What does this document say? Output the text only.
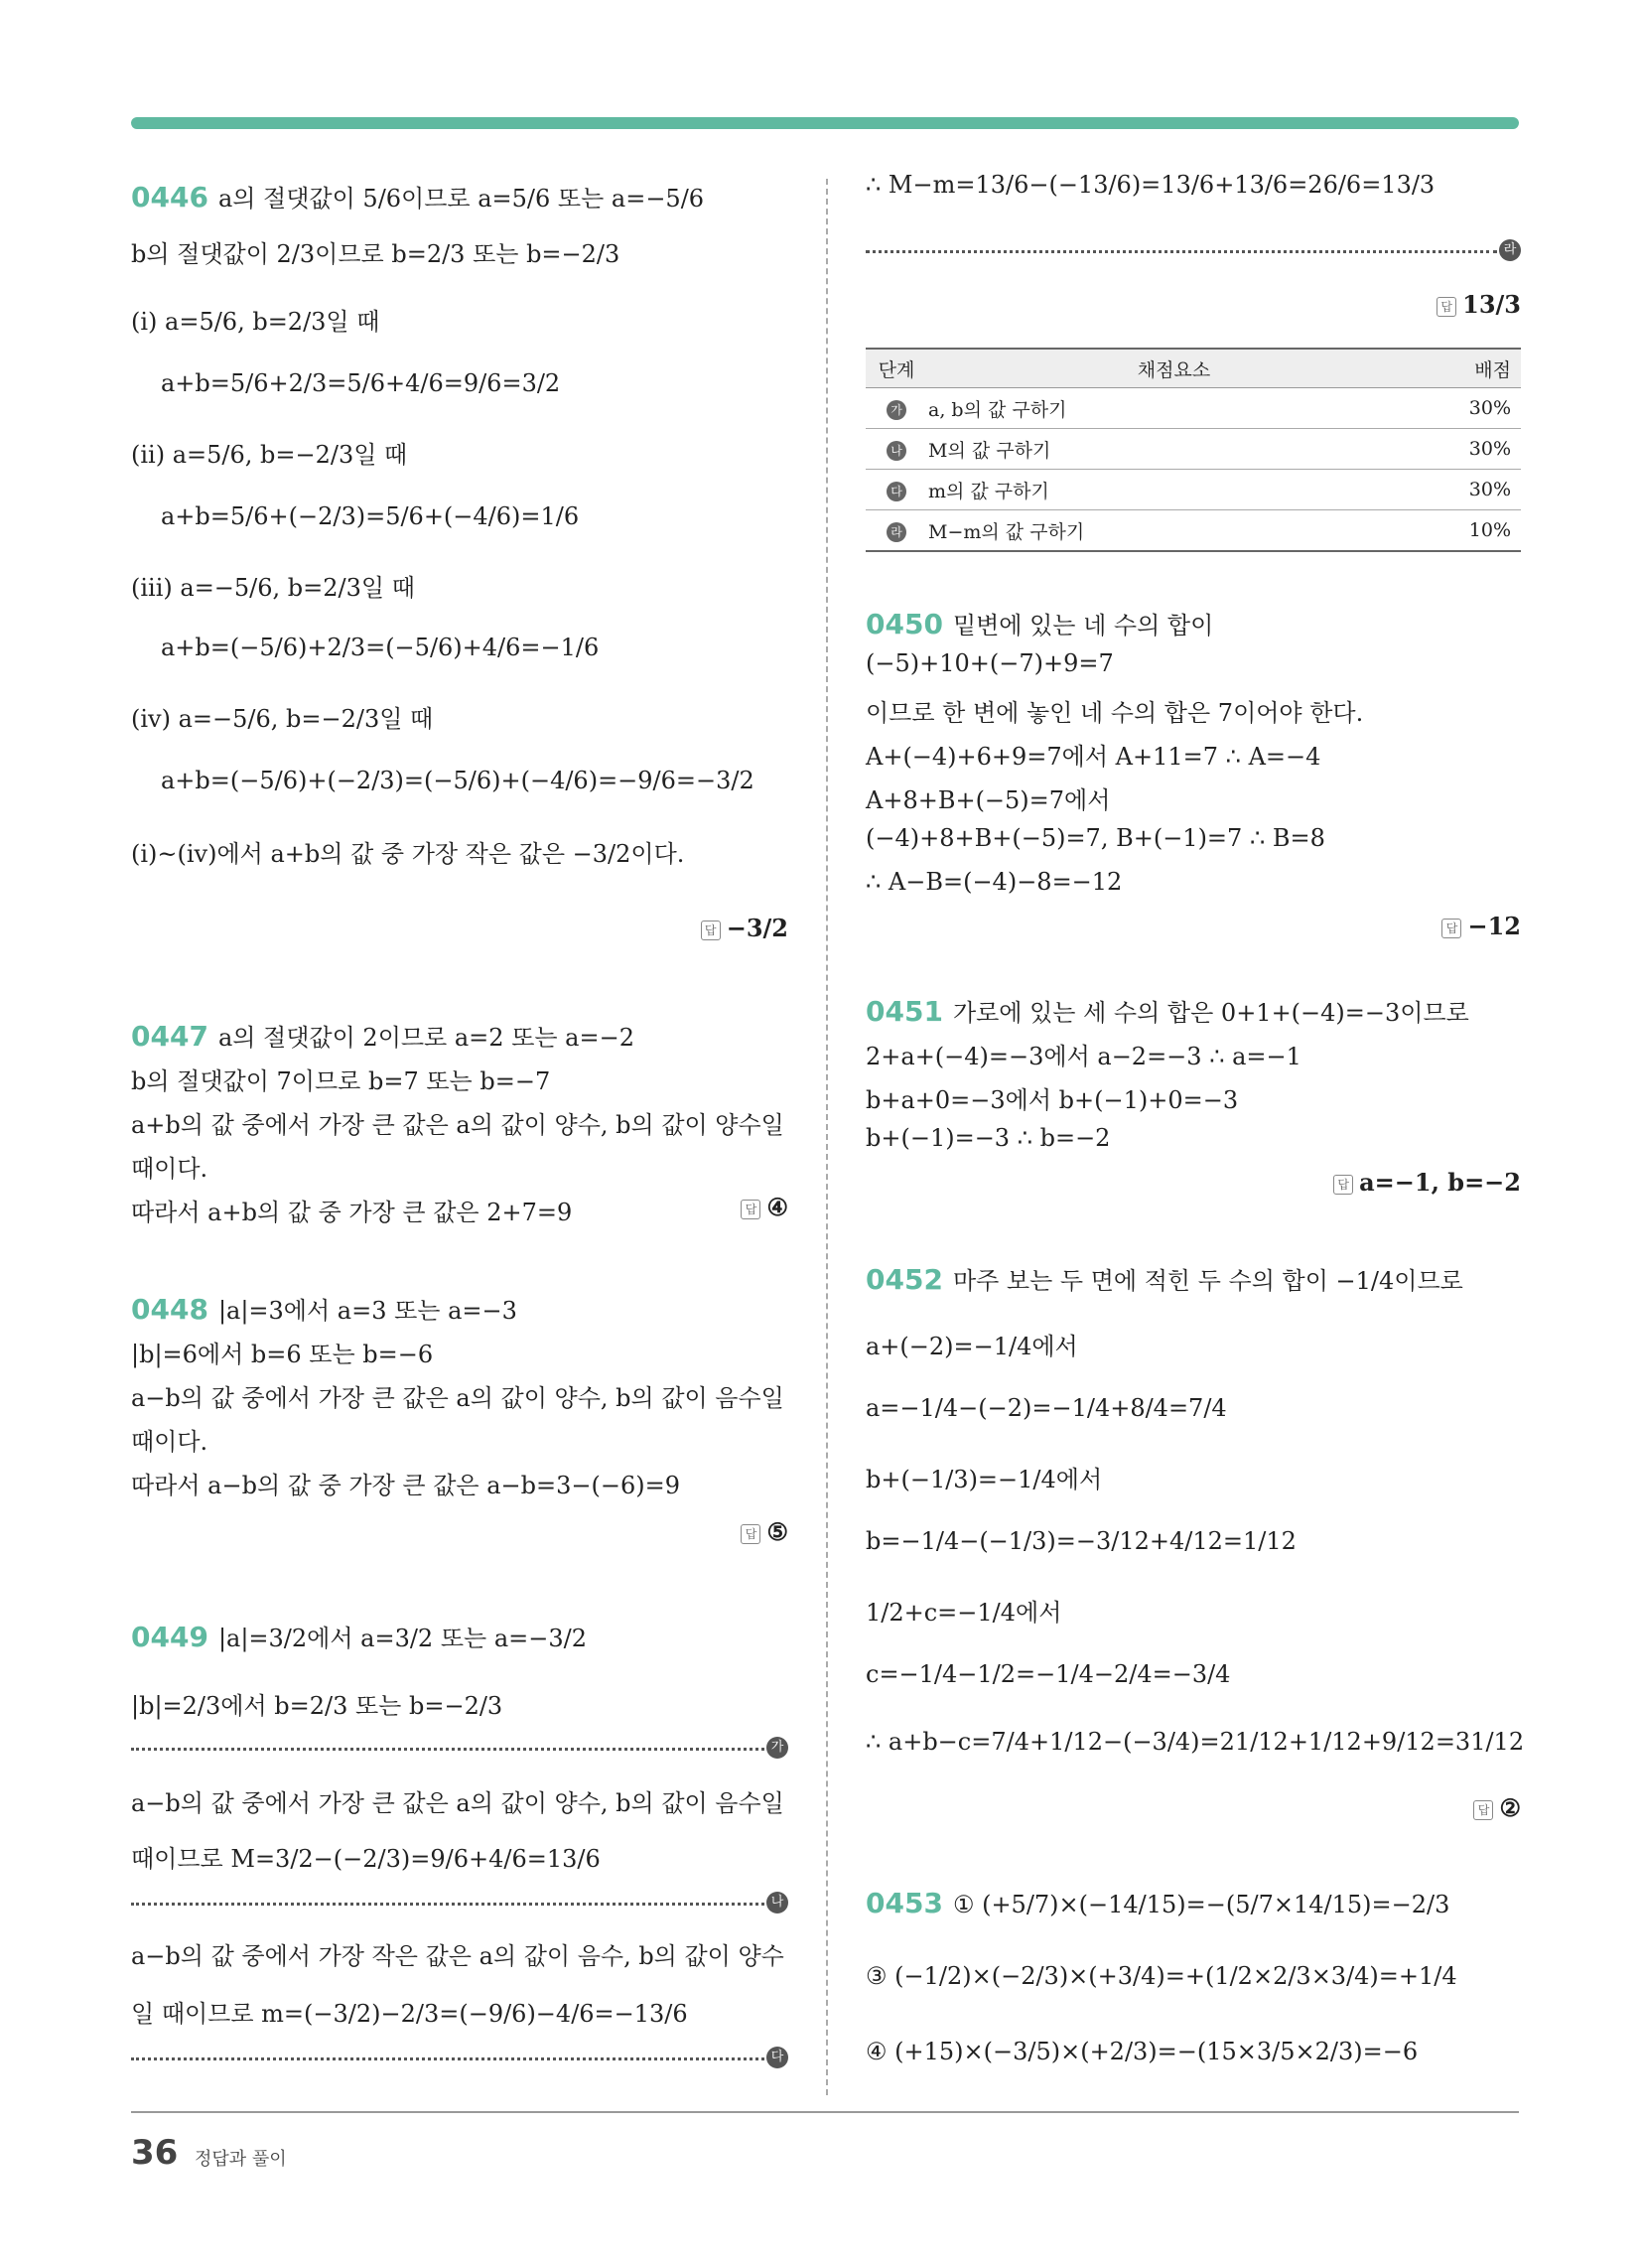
0446 a의 절댓값이 5/6이므로 a=5/6 또는 a=−5/6
b의 절댓값이 2/3이므로 b=2/3 또는 b=−2/3
(i) a=5/6, b=2/3일 때
a+b=5/6+2/3=5/6+4/6=9/6=3/2
(ii) a=5/6, b=−2/3일 때
a+b=5/6+(−2/3)=5/6+(−4/6)=1/6
(iii) a=−5/6, b=2/3일 때
a+b=(−5/6)+2/3=(−5/6)+4/6=−1/6
(iv) a=−5/6, b=−2/3일 때
a+b=(−5/6)+(−2/3)=(−5/6)+(−4/6)=−9/6=−3/2
(i)~(iv)에서 a+b의 값 중 가장 작은 값은 −3/2이다.
답 −3/2
0447 a의 절댓값이 2이므로 a=2 또는 a=−2
b의 절댓값이 7이므로 b=7 또는 b=−7
a+b의 값 중에서 가장 큰 값은 a의 값이 양수, b의 값이 양수일
때이다.
따라서 a+b의 값 중 가장 큰 값은 2+7=9	답 ④
0448 |a|=3에서 a=3 또는 a=−3
|b|=6에서 b=6 또는 b=−6
a−b의 값 중에서 가장 큰 값은 a의 값이 양수, b의 값이 음수일
때이다.
따라서 a−b의 값 중 가장 큰 값은 a−b=3−(−6)=9
답 ⑤
0449 |a|=3/2에서 a=3/2 또는 a=−3/2
|b|=2/3에서 b=2/3 또는 b=−2/3
가
a−b의 값 중에서 가장 큰 값은 a의 값이 양수, b의 값이 음수일
때이므로 M=3/2−(−2/3)=9/6+4/6=13/6
나
a−b의 값 중에서 가장 작은 값은 a의 값이 음수, b의 값이 양수
일 때이므로 m=(−3/2)−2/3=(−9/6)−4/6=−13/6
다
∴ M−m=13/6−(−13/6)=13/6+13/6=26/6=13/3
라
답 13/3
단계	채점요소	배점
가	a, b의 값 구하기	30%
나	M의 값 구하기	30%
다	m의 값 구하기	30%
라	M−m의 값 구하기	10%
0450 밑변에 있는 네 수의 합이
(−5)+10+(−7)+9=7
이므로 한 변에 놓인 네 수의 합은 7이어야 한다.
A+(−4)+6+9=7에서 A+11=7 ∴ A=−4
A+8+B+(−5)=7에서
(−4)+8+B+(−5)=7, B+(−1)=7 ∴ B=8
∴ A−B=(−4)−8=−12
답 −12
0451 가로에 있는 세 수의 합은 0+1+(−4)=−3이므로
2+a+(−4)=−3에서 a−2=−3 ∴ a=−1
b+a+0=−3에서 b+(−1)+0=−3
b+(−1)=−3 ∴ b=−2
답 a=−1, b=−2
0452 마주 보는 두 면에 적힌 두 수의 합이 −1/4이므로
a+(−2)=−1/4에서
a=−1/4−(−2)=−1/4+8/4=7/4
b+(−1/3)=−1/4에서
b=−1/4−(−1/3)=−3/12+4/12=1/12
1/2+c=−1/4에서
c=−1/4−1/2=−1/4−2/4=−3/4
∴ a+b−c=7/4+1/12−(−3/4)=21/12+1/12+9/12=31/12
답 ②
0453 ① (+5/7)×(−14/15)=−(5/7×14/15)=−2/3
③ (−1/2)×(−2/3)×(+3/4)=+(1/2×2/3×3/4)=+1/4
④ (+15)×(−3/5)×(+2/3)=−(15×3/5×2/3)=−6
36 정답과 풀이
